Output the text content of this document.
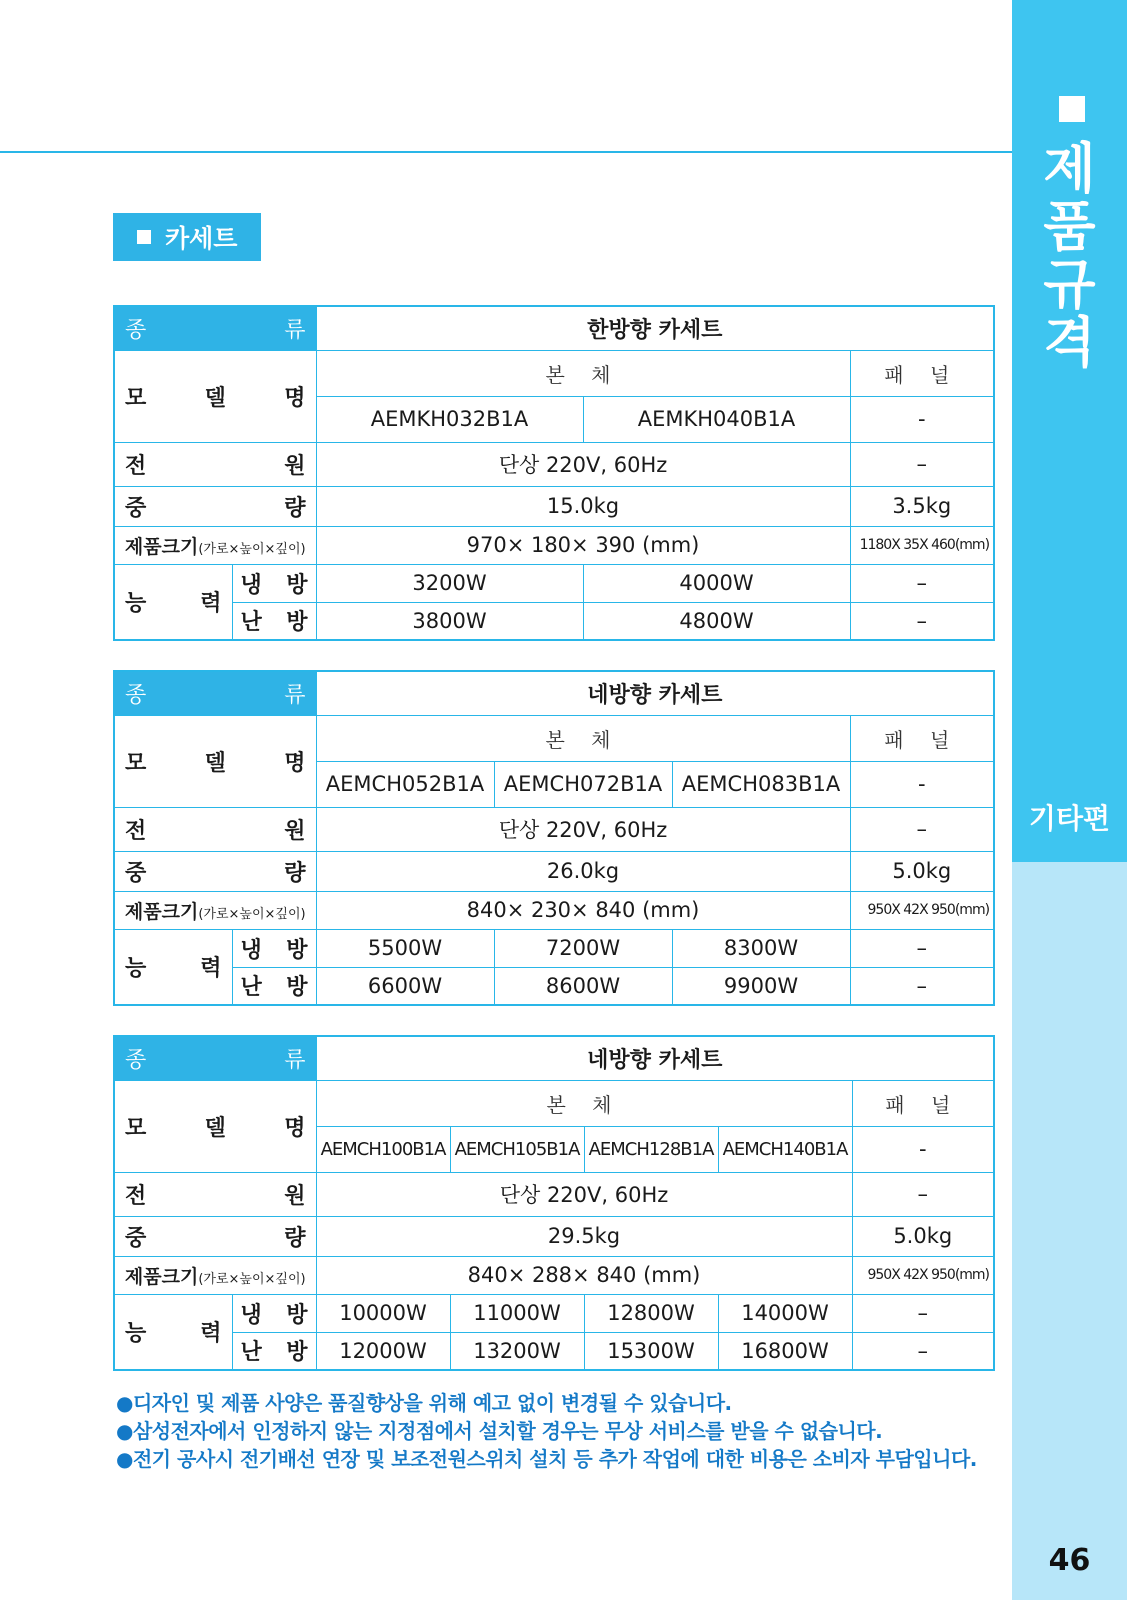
제
품
규
격
기타편
46
카세트
종 류		한방향 카세트		

모 델 명		본 체		패 널
		AEMKH032B1A	AEMKH040B1A	-

전 원		단상 220V, 60Hz		–

중 량		15.0kg		3.5kg
제품크기(가로×높이×깊이)		970× 180× 390 (mm)		1180X 35X 460(mm)

능 력	냉 방	3200W	4000W	–

	난 방	3800W	4800W	–
종 류		네방향 카세트			

모 델 명		본 체			패 널
		AEMCH052B1A	AEMCH072B1A	AEMCH083B1A	-

전 원		단상 220V, 60Hz			–

중 량		26.0kg			5.0kg
제품크기(가로×높이×깊이)		840× 230× 840 (mm)			950X 42X 950(mm)

능 력	냉 방	5500W	7200W	8300W	–

	난 방	6600W	8600W	9900W	–
종 류		네방향 카세트				

모 델 명		본 체				패 널
		AEMCH100B1A	AEMCH105B1A	AEMCH128B1A	AEMCH140B1A	-

전 원		단상 220V, 60Hz				–

중 량		29.5kg				5.0kg
제품크기(가로×높이×깊이)		840× 288× 840 (mm)				950X 42X 950(mm)

능 력	냉 방	10000W	11000W	12800W	14000W	–

	난 방	12000W	13200W	15300W	16800W	–
●디자인 및 제품 사양은 품질향상을 위해 예고 없이 변경될 수 있습니다.
●삼성전자에서 인정하지 않는 지정점에서 설치할 경우는 무상 서비스를 받을 수 없습니다.
●전기 공사시 전기배선 연장 및 보조전원스위치 설치 등 추가 작업에 대한 비용은 소비자 부담입니다.
